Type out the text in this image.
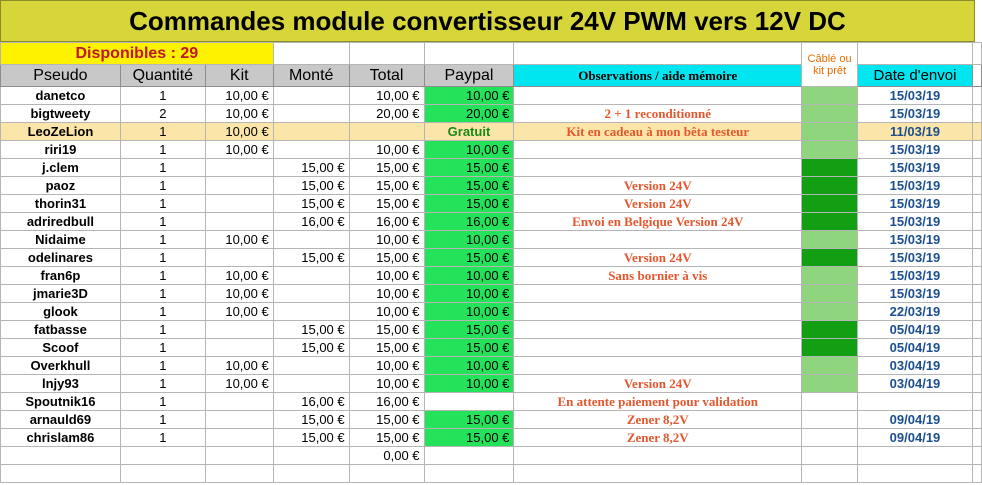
Commandes module convertisseur 24V PWM vers 12V DC
Disponibles : 29							Câblé ou kit prêt		
Pseudo	Quantité	Kit	Monté	Total	Paypal	Observations / aide mémoire		Date d'envoi	
danetco	1	10,00 €		10,00 €	10,00 €			15/03/19	
bigtweety	2	10,00 €		20,00 €	20,00 €	2 + 1 reconditionné		15/03/19	
LeoZeLion	1	10,00 €			Gratuit	Kit en cadeau à mon bêta testeur		11/03/19	
riri19	1	10,00 €		10,00 €	10,00 €			15/03/19	
j.clem	1		15,00 €	15,00 €	15,00 €			15/03/19	
paoz	1		15,00 €	15,00 €	15,00 €	Version 24V		15/03/19	
thorin31	1		15,00 €	15,00 €	15,00 €	Version 24V		15/03/19	
adriredbull	1		16,00 €	16,00 €	16,00 €	Envoi en Belgique Version 24V		15/03/19	
Nidaime	1	10,00 €		10,00 €	10,00 €			15/03/19	
odelinares	1		15,00 €	15,00 €	15,00 €	Version 24V		15/03/19	
fran6p	1	10,00 €		10,00 €	10,00 €	Sans bornier à vis		15/03/19	
jmarie3D	1	10,00 €		10,00 €	10,00 €			15/03/19	
glook	1	10,00 €		10,00 €	10,00 €			22/03/19	
fatbasse	1		15,00 €	15,00 €	15,00 €			05/04/19	
Scoof	1		15,00 €	15,00 €	15,00 €			05/04/19	
Overkhull	1	10,00 €		10,00 €	10,00 €			03/04/19	
lnjy93	1	10,00 €		10,00 €	10,00 €	Version 24V		03/04/19	
Spoutnik16	1		16,00 €	16,00 €		En attente paiement pour validation			
arnauld69	1		15,00 €	15,00 €	15,00 €	Zener 8,2V		09/04/19	
chrislam86	1		15,00 €	15,00 €	15,00 €	Zener 8,2V		09/04/19	
				0,00 €					
